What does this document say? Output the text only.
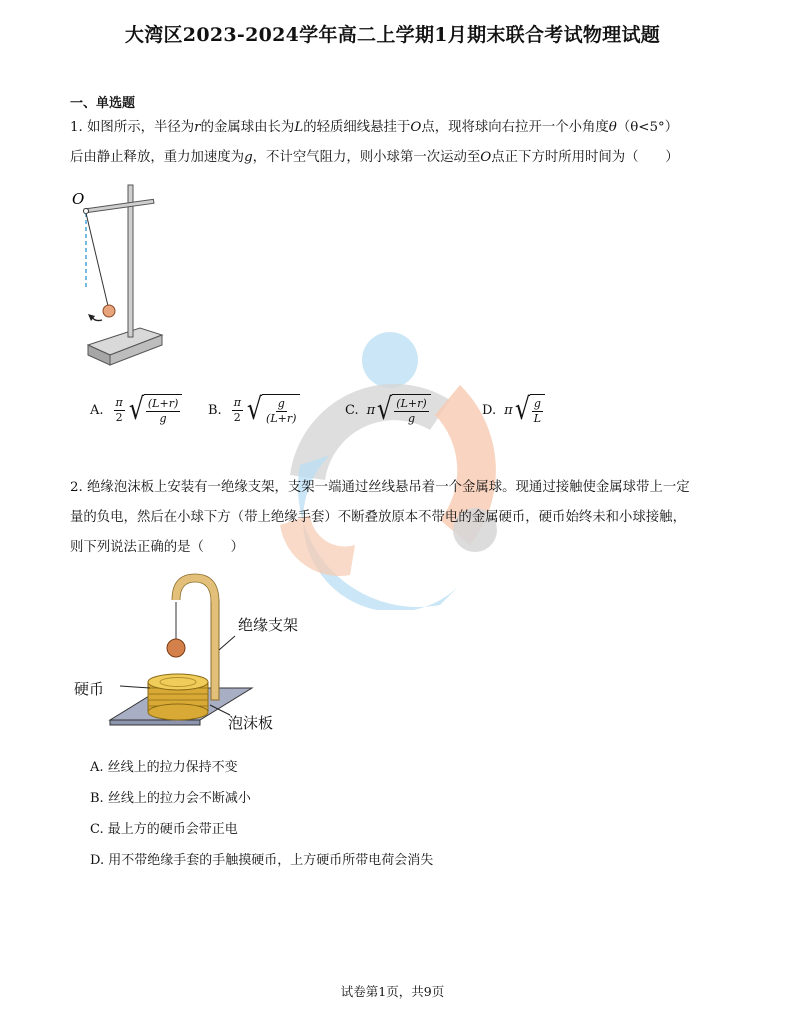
大湾区2023-2024学年高二上学期1月期末联合考试物理试题
一、单选题
1. 如图所示，半径为r的金属球由长为L的轻质细线悬挂于O点，现将球向右拉开一个小角度θ（θ<5°）
后由静止释放，重力加速度为g，不计空气阻力，则小球第一次运动至O点正下方时所用时间为（　　）
O
A. $\frac{\pi}{2}$ √ $\frac{(L+r)}{g} B$. $\frac{\pi}{2}$ √ $\frac{g}{(L+r)}$	C. π √ $\frac{(L+r)}{g}$	D. π √ $\frac{g}{L}$
2. 绝缘泡沫板上安装有一绝缘支架，支架一端通过丝线悬吊着一个金属球。现通过接触使金属球带上一定
量的负电，然后在小球下方（带上绝缘手套）不断叠放原本不带电的金属硬币，硬币始终未和小球接触，
则下列说法正确的是（　　）
绝缘支架
硬币
泡沫板
A. 丝线上的拉力保持不变
B. 丝线上的拉力会不断减小
C. 最上方的硬币会带正电
D. 用不带绝缘手套的手触摸硬币，上方硬币所带电荷会消失
试卷第1页，共9页
